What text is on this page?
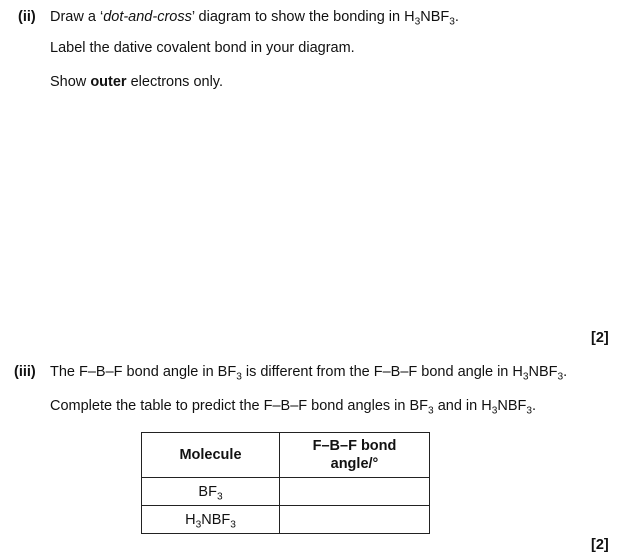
(ii) Draw a ‘dot-and-cross’ diagram to show the bonding in $H_3NBF_3$.
Label the dative covalent bond in your diagram.
Show outer electrons only.
[2]
(iii) The F–B–F bond angle in $BF_3$ is different from the F–B–F bond angle in $H_3NBF_3$.
Complete the table to predict the F–B–F bond angles in $BF_3$ and in $H_3NBF_3$.
Molecule	F–B–F bond
angle/°
$BF_3$	
$H_3NBF_3$	
[2]
